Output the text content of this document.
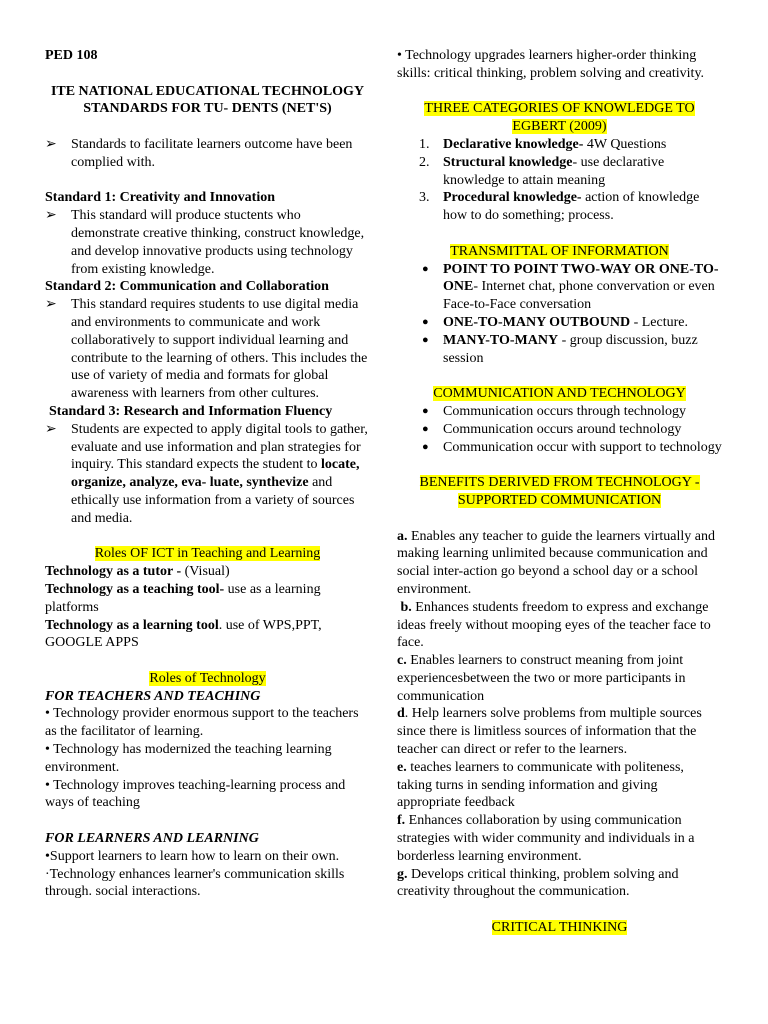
PED 108

ITE NATIONAL EDUCATIONAL TECHNOLOGY STANDARDS FOR TU- DENTS (NET'S)

➢ Standards to facilitate learners outcome have been complied with.

Standard 1: Creativity and Innovation

➢ This standard will produce stuctents who demonstrate creative thinking, construct knowledge, and develop innovative products using technology from existing knowledge.

Standard 2: Communication and Collaboration

➢ This standard requires students to use digital media and environments to communicate and work collaboratively to support individual learning and contribute to the learning of others. This includes the use of variety of media and formats for global awareness with learners from other cultures.

Standard 3: Research and Information Fluency

➢ Students are expected to apply digital tools to gather, evaluate and use information and plan strategies for inquiry. This standard expects the student to locate, organize, analyze, eva- luate, synthevize and ethically use information from a variety of sources and media.

Roles OF ICT in Teaching and Learning

Technology as a tutor - (Visual)

Technology as a teaching tool- use as a learning platforms

Technology as a learning tool. use of WPS,PPT, GOOGLE APPS

Roles of Technology

FOR TEACHERS AND TEACHING

• Technology provider enormous support to the teachers as the facilitator of learning.

• Technology has modernized the teaching learning environment.

• Technology improves teaching-learning process and ways of teaching

FOR LEARNERS AND LEARNING

•Support learners to learn how to learn on their own.

·Technology enhances learner's communication skills through. social interactions.

• Technology upgrades learners higher-order thinking skills: critical thinking, problem solving and creativity.

THREE CATEGORIES OF KNOWLEDGE TO EGBERT (2009)

1. Declarative knowledge- 4W Questions

2. Structural knowledge- use declarative knowledge to attain meaning

3. Procedural knowledge- action of knowledge how to do something; process.

TRANSMITTAL OF INFORMATION

● POINT TO POINT TWO-WAY OR ONE-TO-ONE- Internet chat, phone convervation or even Face-to-Face conversation

● ONE-TO-MANY OUTBOUND - Lecture.

● MANY-TO-MANY - group discussion, buzz session

COMMUNICATION AND TECHNOLOGY

● Communication occurs through technology

● Communication occurs around technology

● Communication occur with support to technology

BENEFITS DERIVED FROM TECHNOLOGY - SUPPORTED COMMUNICATION

a. Enables any teacher to guide the learners virtually and making learning unlimited because communication and social inter-action go beyond a school day or a school environment.

b. Enhances students freedom to express and exchange ideas freely without mooping eyes of the teacher face to face.

c. Enables learners to construct meaning from joint experiencesbetween the two or more participants in communication

d. Help learners solve problems from multiple sources since there is limitless sources of information that the teacher can direct or refer to the learners.

e. teaches learners to communicate with politeness, taking turns in sending information and giving appropriate feedback

f. Enhances collaboration by using communication strategies with wider community and individuals in a borderless learning environment.

g. Develops critical thinking, problem solving and creativity throughout the communication.

CRITICAL THINKING
